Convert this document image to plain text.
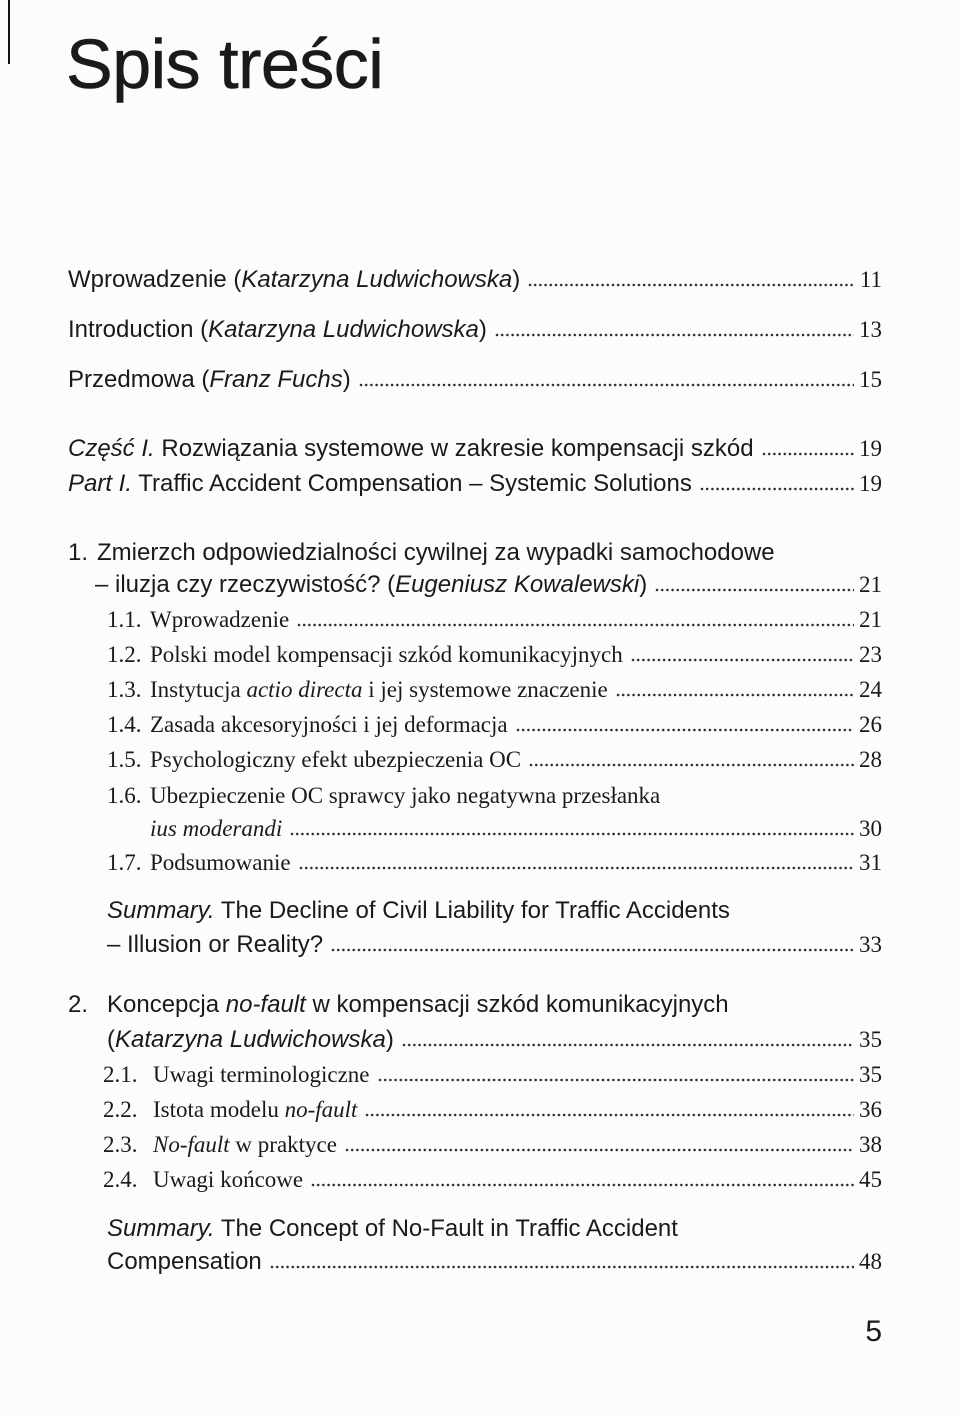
Spis treści
Wprowadzenie (Katarzyna Ludwichowska)	11
Introduction (Katarzyna Ludwichowska)	13
Przedmowa (Franz Fuchs)	15
Część I. Rozwiązania systemowe w zakresie kompensacji szkód	19
Part I. Traffic Accident Compensation – Systemic Solutions	19
1. Zmierzch odpowiedzialności cywilnej za wypadki samochodowe
– iluzja czy rzeczywistość? (Eugeniusz Kowalewski)	21
1.1. Wprowadzenie	21
1.2. Polski model kompensacji szkód komunikacyjnych	23
1.3. Instytucja actio directa i jej systemowe znaczenie	24
1.4. Zasada akcesoryjności i jej deformacja	26
1.5. Psychologiczny efekt ubezpieczenia OC	28
1.6. Ubezpieczenie OC sprawcy jako negatywna przesłanka
ius moderandi	30
1.7. Podsumowanie	31
Summary. The Decline of Civil Liability for Traffic Accidents
– Illusion or Reality?	33
2. Koncepcja no-fault w kompensacji szkód komunikacyjnych
(Katarzyna Ludwichowska)	35
2.1. Uwagi terminologiczne	35
2.2. Istota modelu no-fault	36
2.3. No-fault w praktyce	38
2.4. Uwagi końcowe	45
Summary. The Concept of No-Fault in Traffic Accident
Compensation	48
5
